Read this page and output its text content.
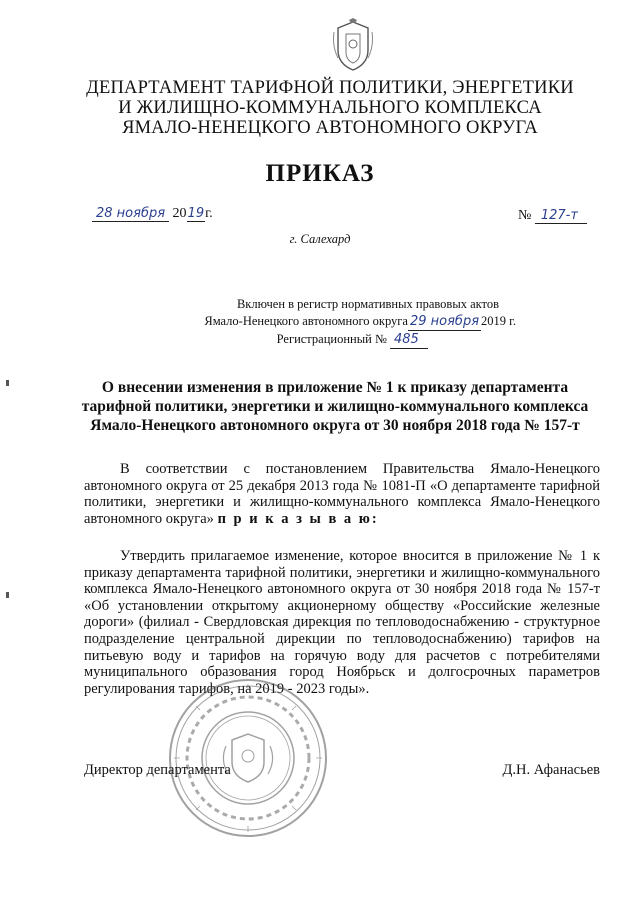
ДЕПАРТАМЕНТ ТАРИФНОЙ ПОЛИТИКИ, ЭНЕРГЕТИКИ
И ЖИЛИЩНО-КОММУНАЛЬНОГО КОМПЛЕКСА
ЯМАЛО-НЕНЕЦКОГО АВТОНОМНОГО ОКРУГА
ПРИКАЗ
28 ноября 2019г.	№ 127-т
г. Салехард
Включен в регистр нормативных правовых актов
Ямало-Ненецкого автономного округа 29 ноября 2019 г.
Регистрационный № 485
О внесении изменения в приложение № 1 к приказу департамента
тарифной политики, энергетики и жилищно-коммунального комплекса
Ямало-Ненецкого автономного округа от 30 ноября 2018 года № 157-т
В соответствии с постановлением Правительства Ямало-Ненецкого автономного округа от 25 декабря 2013 года № 1081-П «О департаменте тарифной политики, энергетики и жилищно-коммунального комплекса Ямало-Ненецкого автономного округа» п р и к а з ы в а ю:
Утвердить прилагаемое изменение, которое вносится в приложение № 1 к приказу департамента тарифной политики, энергетики и жилищно-коммунального комплекса Ямало-Ненецкого автономного округа от 30 ноября 2018 года № 157-т «Об установлении открытому акционерному обществу «Российские железные дороги» (филиал - Свердловская дирекция по тепловодоснабжению - структурное подразделение центральной дирекции по тепловодоснабжению) тарифов на питьевую воду и тарифов на горячую воду для расчетов с потребителями муниципального образования город Ноябрьск и долгосрочных параметров регулирования тарифов, на 2019 - 2023 годы».
Директор департамента	Д.Н. Афанасьев
